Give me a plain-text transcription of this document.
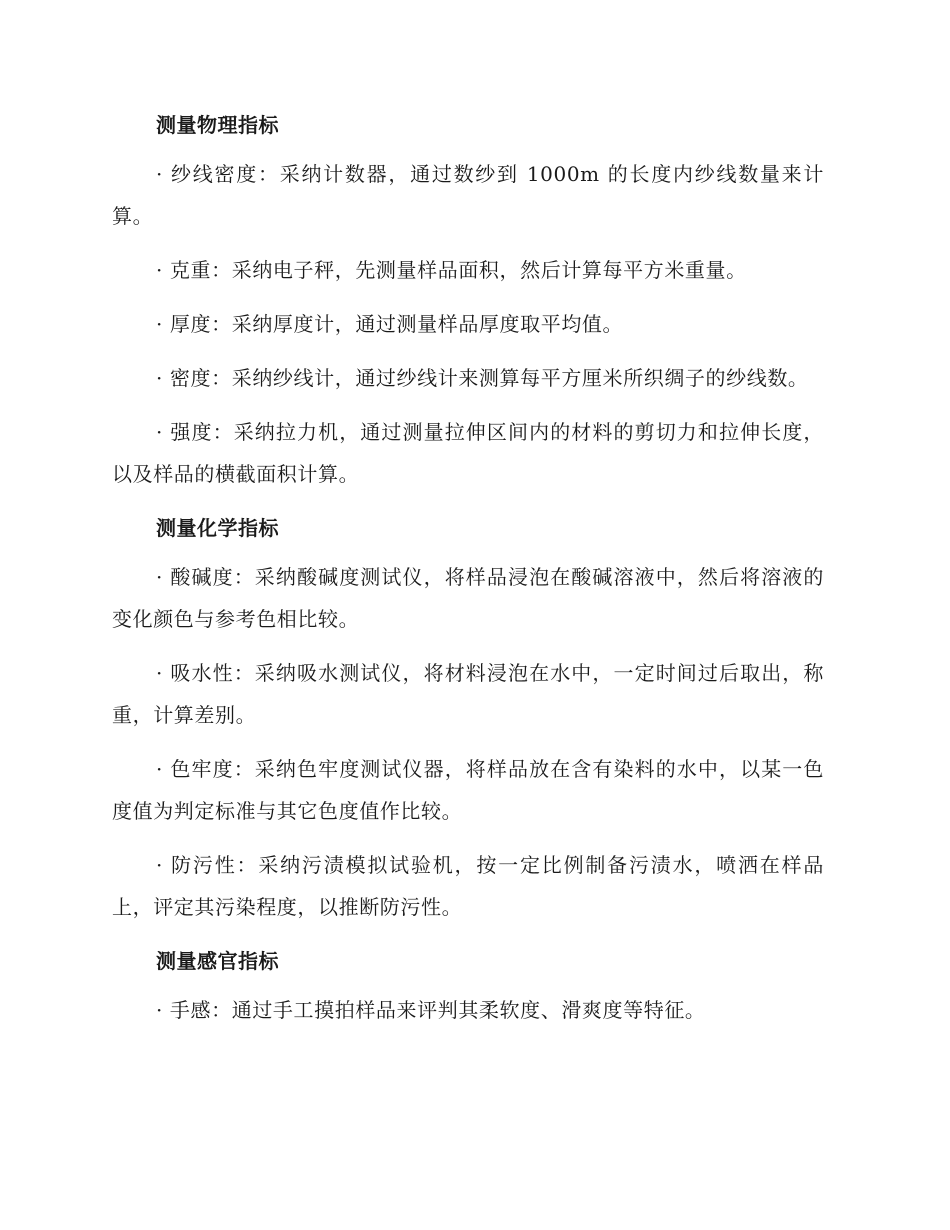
测量物理指标

· 纱线密度：采纳计数器，通过数纱到 1000m 的长度内纱线数量来计算。

· 克重：采纳电子秤，先测量样品面积，然后计算每平方米重量。

· 厚度：采纳厚度计，通过测量样品厚度取平均值。

· 密度：采纳纱线计，通过纱线计来测算每平方厘米所织绸子的纱线数。

· 强度：采纳拉力机，通过测量拉伸区间内的材料的剪切力和拉伸长度，以及样品的横截面积计算。

测量化学指标

· 酸碱度：采纳酸碱度测试仪，将样品浸泡在酸碱溶液中，然后将溶液的变化颜色与参考色相比较。

· 吸水性：采纳吸水测试仪，将材料浸泡在水中，一定时间过后取出，称重，计算差别。

· 色牢度：采纳色牢度测试仪器，将样品放在含有染料的水中，以某一色度值为判定标准与其它色度值作比较。

· 防污性：采纳污渍模拟试验机，按一定比例制备污渍水，喷洒在样品上，评定其污染程度，以推断防污性。

测量感官指标

· 手感：通过手工摸拍样品来评判其柔软度、滑爽度等特征。
